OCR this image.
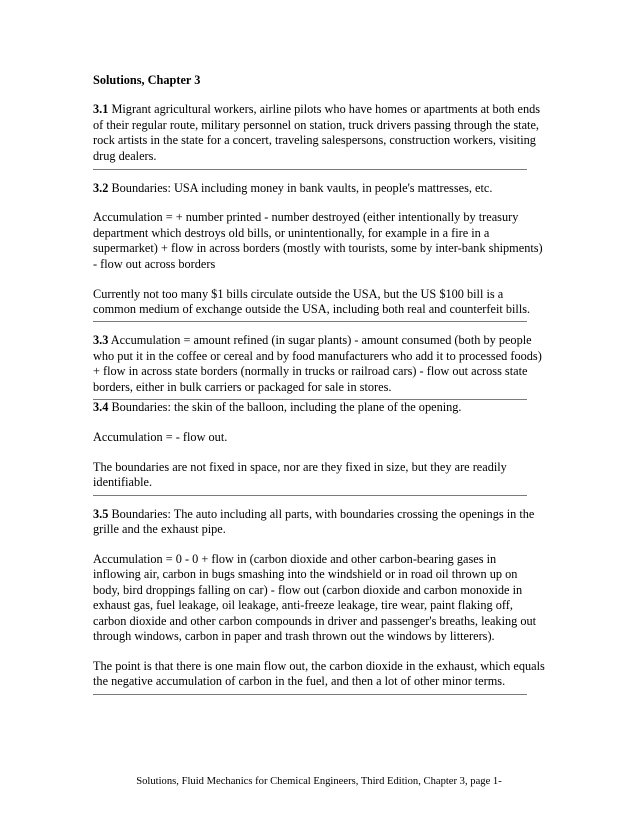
Solutions, Chapter 3

3.1 Migrant agricultural workers, airline pilots who have homes or apartments at both ends of their regular route, military personnel on station, truck drivers passing through the state, rock artists in the state for a concert, traveling salespersons, construction workers, visiting drug dealers.

3.2 Boundaries: USA including money in bank vaults, in people's mattresses, etc.

Accumulation = + number printed - number destroyed (either intentionally by treasury department which destroys old bills, or unintentionally, for example in a fire in a supermarket) + flow in across borders (mostly with tourists, some by inter-bank shipments) - flow out across borders

Currently not too many $1 bills circulate outside the USA, but the US $100 bill is a common medium of exchange outside the USA, including both real and counterfeit bills.

3.3 Accumulation = amount refined (in sugar plants) - amount consumed (both by people who put it in the coffee or cereal and by food manufacturers who add it to processed foods) + flow in across state borders (normally in trucks or railroad cars) - flow out across state borders, either in bulk carriers or packaged for sale in stores.

3.4 Boundaries: the skin of the balloon, including the plane of the opening.

Accumulation = - flow out.

The boundaries are not fixed in space, nor are they fixed in size, but they are readily identifiable.

3.5 Boundaries: The auto including all parts, with boundaries crossing the openings in the grille and the exhaust pipe.

Accumulation = 0 - 0 + flow in (carbon dioxide and other carbon-bearing gases in inflowing air, carbon in bugs smashing into the windshield or in road oil thrown up on body, bird droppings falling on car) - flow out (carbon dioxide and carbon monoxide in exhaust gas, fuel leakage, oil leakage, anti-freeze leakage, tire wear, paint flaking off, carbon dioxide and other carbon compounds in driver and passenger's breaths, leaking out through windows, carbon in paper and trash thrown out the windows by litterers).

The point is that there is one main flow out, the carbon dioxide in the exhaust, which equals the negative accumulation of carbon in the fuel, and then a lot of other minor terms.

Solutions, Fluid Mechanics for Chemical Engineers, Third Edition, Chapter 3, page 1-
